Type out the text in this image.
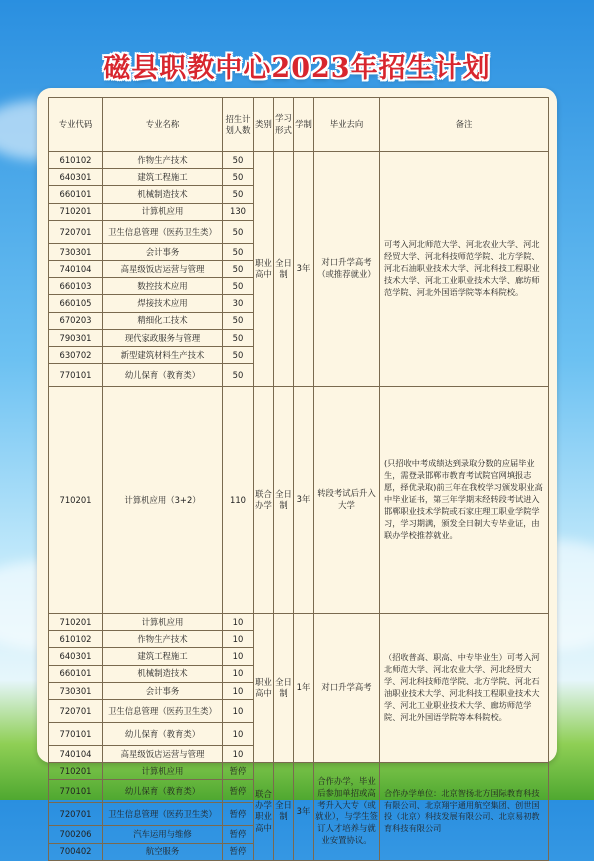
磁县职教中心2023年招生计划
专业代码	专业名称	招生计划人数	类别	学习形式	学制	毕业去向	备注
610102	作物生产技术	50	职业高中	全日制	3年	对口升学高考（或推荐就业）	可考入河北师范大学、河北农业大学、河北经贸大学、河北科技师范学院、北方学院、河北石油职业技术大学、河北科技工程职业技术大学、河北工业职业技术大学、廊坊师范学院、河北外国语学院等本科院校。
640301	建筑工程施工	50					
660101	机械制造技术	50					
710201	计算机应用	130					
720701	卫生信息管理（医药卫生类）	50					
730301	会计事务	50					
740104	高星级饭店运营与管理	50					
660103	数控技术应用	50					
660105	焊接技术应用	30					
670203	精细化工技术	50					
790301	现代家政服务与管理	50					
630702	新型建筑材料生产技术	50					
770101	幼儿保育（教育类）	50					
710201	计算机应用（3+2）	110	联合办学	全日制	3年	转段考试后升入大学	(只招收中考成绩达到录取分数的应届毕业生，需登录邯郸市教育考试院官网填报志愿，择优录取)前三年在我校学习颁发职业高中毕业证书，第三年学期末经转段考试进入邯郸职业技术学院或石家庄理工职业学院学习，学习期满，颁发全日制大专毕业证，由联办学校推荐就业。
710201	计算机应用	10	职业高中	全日制	1年	对口升学高考	（招收普高、职高、中专毕业生）可考入河北师范大学、河北农业大学、河北经贸大学、河北科技师范学院、北方学院、河北石油职业技术大学、河北科技工程职业技术大学、河北工业职业技术大学、廊坊师范学院、河北外国语学院等本科院校。
610102	作物生产技术	10					
640301	建筑工程施工	10					
660101	机械制造技术	10					
730301	会计事务	10					
720701	卫生信息管理（医药卫生类）	10					
770101	幼儿保育（教育类）	10					
740104	高星级饭店运营与管理	10					
710201	计算机应用	暂停	联合办学职业高中	全日制	3年	合作办学，毕业后参加单招或高考升入大专（或就业），与学生签订人才培养与就业安置协议。	合作办学单位：北京智扬北方国际教育科技有限公司、北京翔宇通用航空集团、创世国投（北京）科技发展有限公司、北京易初教育科技有限公司
770101	幼儿保育（教育类）	暂停					
720701	卫生信息管理（医药卫生类）	暂停					
700206	汽车运用与维修	暂停					
700402	航空服务	暂停					
